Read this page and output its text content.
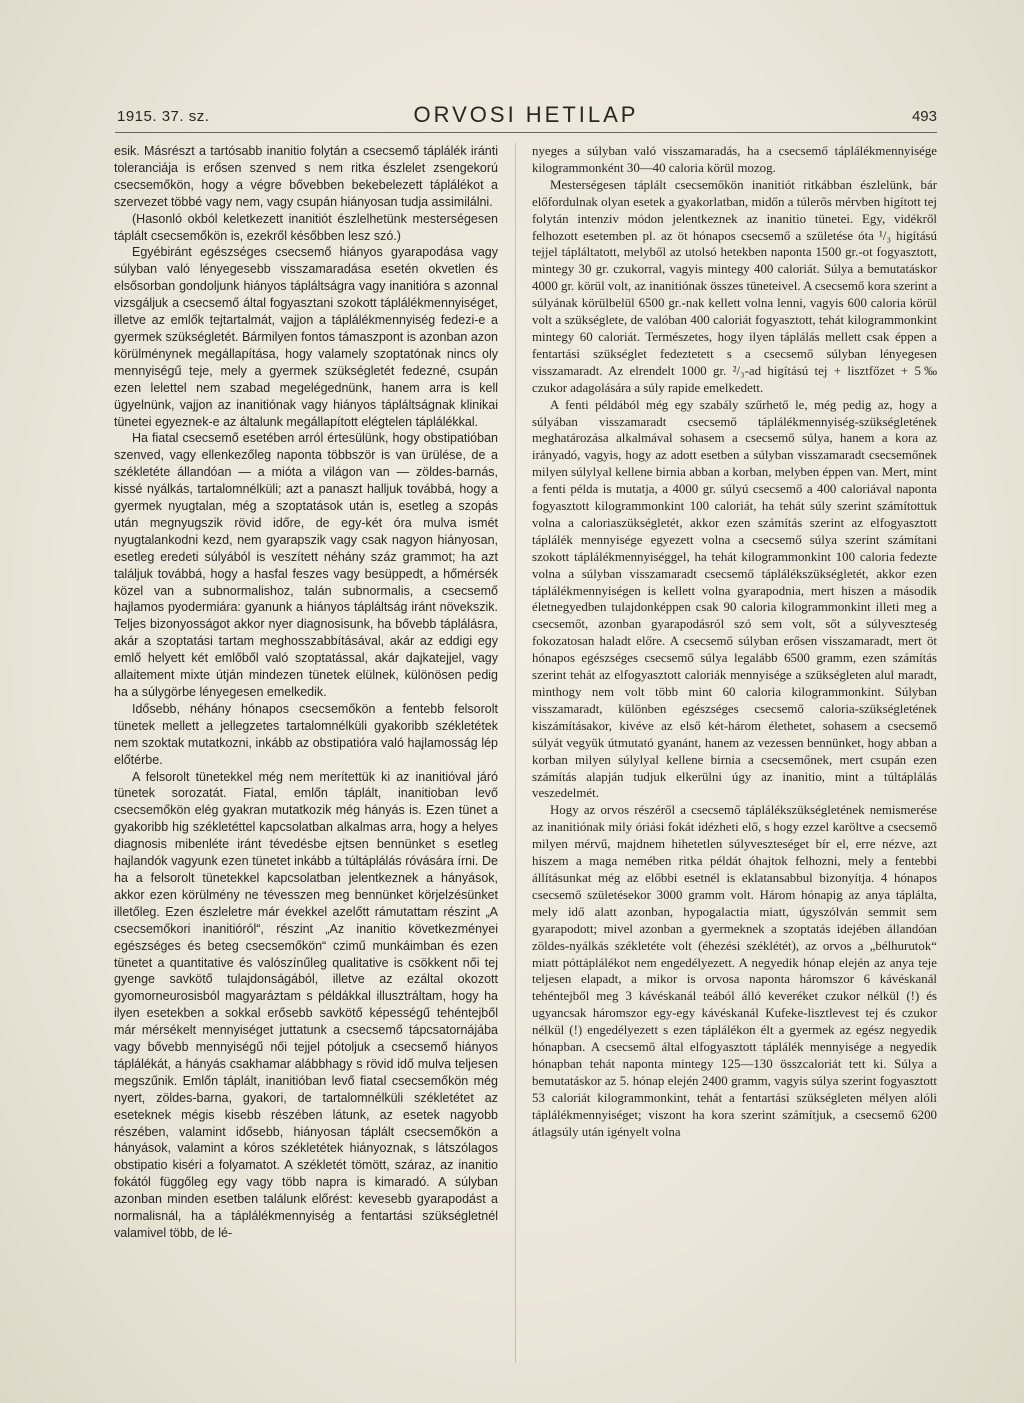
1915. 37. sz.	ORVOSI HETILAP	493

esik. Másrészt a tartósabb inanitio folytán a csecsemő táplálék iránti toleranciája is erősen szenved s nem ritka észlelet zsengekorú csecsemőkön, hogy a végre bővebben bekebelezett táplálékot a szervezet többé vagy nem, vagy csupán hiányosan tudja assimilálni.

(Hasonló okból keletkezett inanitiót észlelhetünk mesterségesen táplált csecsemőkön is, ezekről későbben lesz szó.)

Egyébiránt egészséges csecsemő hiányos gyarapodása vagy súlyban való lényegesebb visszamaradása esetén okvetlen és elsősorban gondoljunk hiányos tápláltságra vagy inanitióra s azonnal vizsgáljuk a csecsemő által fogyasztani szokott táplálékmennyiséget, illetve az emlők tejtartalmát, vajjon a táplálékmennyiség fedezi-e a gyermek szükségletét. Bármilyen fontos támaszpont is azonban azon körülménynek megállapítása, hogy valamely szoptatónak nincs oly mennyiségű teje, mely a gyermek szükségletét fedezné, csupán ezen lelettel nem szabad megelégednünk, hanem arra is kell ügyelnünk, vajjon az inanitiónak vagy hiányos tápláltságnak klinikai tünetei egyeznek-e az általunk megállapított elégtelen táplálékkal.

Ha fiatal csecsemő esetében arról értesülünk, hogy obstipatióban szenved, vagy ellenkezőleg naponta többször is van ürülése, de a székletéte állandóan — a mióta a világon van — zöldes-barnás, kissé nyálkás, tartalomnélküli; azt a panaszt halljuk továbbá, hogy a gyermek nyugtalan, még a szoptatások után is, esetleg a szopás után megnyugszik rövid időre, de egy-két óra mulva ismét nyugtalankodni kezd, nem gyarapszik vagy csak nagyon hiányosan, esetleg eredeti súlyából is veszített néhány száz grammot; ha azt találjuk továbbá, hogy a hasfal feszes vagy besüppedt, a hőmérsék közel van a subnormalishoz, talán subnormalis, a csecsemő hajlamos pyodermiára: gyanunk a hiányos tápláltság iránt növekszik. Teljes bizonyosságot akkor nyer diagnosisunk, ha bővebb táplálásra, akár a szoptatási tartam meghosszabbításával, akár az eddigi egy emlő helyett két emlőből való szoptatással, akár dajkatejjel, vagy allaitement mixte útján mindezen tünetek elülnek, különösen pedig ha a súlygörbe lényegesen emelkedik.

Idősebb, néhány hónapos csecsemőkön a fentebb felsorolt tünetek mellett a jellegzetes tartalomnélküli gyakoribb székletétek nem szoktak mutatkozni, inkább az obstipatióra való hajlamosság lép előtérbe.

A felsorolt tünetekkel még nem merítettük ki az inanitióval járó tünetek sorozatát. Fiatal, emlőn táplált, inanitioban levő csecsemőkön elég gyakran mutatkozik még hányás is. Ezen tünet a gyakoribb hig székletéttel kapcsolatban alkalmas arra, hogy a helyes diagnosis mibenléte iránt tévedésbe ejtsen bennünket s esetleg hajlandók vagyunk ezen tünetet inkább a túltáplálás róvására írni. De ha a felsorolt tünetekkel kapcsolatban jelentkeznek a hányások, akkor ezen körülmény ne tévesszen meg bennünket körjelzésünket illetőleg. Ezen észleletre már évekkel azelőtt rámutattam részint „A csecsemőkori inanitióról“, részint „Az inanitio következményei egészséges és beteg csecsemőkön“ czimű munkáimban és ezen tünetet a quantitative és valószínűleg qualitative is csökkent női tej gyenge savkötő tulajdonságából, illetve az ezáltal okozott gyomorneurosisból magyaráztam s példákkal illusztráltam, hogy ha ilyen esetekben a sokkal erősebb savkötő képességű tehéntejből már mérsékelt mennyiséget juttatunk a csecsemő tápcsatornájába vagy bővebb mennyiségű női tejjel pótoljuk a csecsemő hiányos táplálékát, a hányás csakhamar alábbhagy s rövid idő mulva teljesen megszűnik. Emlőn táplált, inanitióban levő fiatal csecsemőkön még nyert, zöldes-barna, gyakori, de tartalomnélküli székletétet az eseteknek mégis kisebb részében látunk, az esetek nagyobb részében, valamint idősebb, hiányosan táplált csecsemőkön a hányások, valamint a kóros székletétek hiányoznak, s látszólagos obstipatio kiséri a folyamatot. A székletét tömött, száraz, az inanitio fokától függőleg egy vagy több napra is kimaradó. A súlyban azonban minden esetben találunk előrést: kevesebb gyarapodást a normalisnál, ha a táplálékmennyiség a fentartási szükségletnél valamivel több, de lé-

nyeges a súlyban való visszamaradás, ha a csecsemő táplálékmennyisége kilogrammonként 30—40 caloria körül mozog.

Mesterségesen táplált csecsemőkön inanitiót ritkábban észlelünk, bár előfordulnak olyan esetek a gyakorlatban, midőn a túlerős mérvben higított tej folytán intenziv módon jelentkeznek az inanitio tünetei. Egy, vidékről felhozott esetemben pl. az öt hónapos csecsemő a születése óta ¹/₃ higítású tejjel tápláltatott, melyből az utolsó hetekben naponta 1500 gr.-ot fogyasztott, mintegy 30 gr. czukorral, vagyis mintegy 400 caloriát. Súlya a bemutatáskor 4000 gr. körül volt, az inanitiónak összes tüneteivel. A csecsemő kora szerint a súlyának körülbelül 6500 gr.-nak kellett volna lenni, vagyis 600 caloria körül volt a szükséglete, de valóban 400 caloriát fogyasztott, tehát kilogrammonkint mintegy 60 caloriát. Természetes, hogy ilyen táplálás mellett csak éppen a fentartási szükséglet fedeztetett s a csecsemő súlyban lényegesen visszamaradt. Az elrendelt 1000 gr. ²/₃-ad higítású tej + lisztfőzet + 5‰ czukor adagolására a súly rapide emelkedett.

A fenti példából még egy szabály szűrhető le, még pedig az, hogy a súlyában visszamaradt csecsemő táplálékmennyiség-szükségletének meghatározása alkalmával sohasem a csecsemő súlya, hanem a kora az irányadó, vagyis, hogy az adott esetben a súlyban visszamaradt csecsemőnek milyen súlylyal kellene birnia abban a korban, melyben éppen van. Mert, mint a fenti példa is mutatja, a 4000 gr. súlyú csecsemő a 400 caloriával naponta fogyasztott kilogrammonkint 100 caloriát, ha tehát súly szerint számítottuk volna a caloriaszükségletét, akkor ezen számítás szerint az elfogyasztott táplálék mennyisége egyezett volna a csecsemő súlya szerint számítani szokott táplálékmennyiséggel, ha tehát kilogrammonkint 100 caloria fedezte volna a súlyban visszamaradt csecsemő táplálékszükségletét, akkor ezen táplálékmennyiségen is kellett volna gyarapodnia, mert hiszen a második életnegyedben tulajdonképpen csak 90 caloria kilogrammonkint illeti meg a csecsemőt, azonban gyarapodásról szó sem volt, sőt a súlyveszteség fokozatosan haladt előre. A csecsemő súlyban erősen visszamaradt, mert öt hónapos egészséges csecsemő súlya legalább 6500 gramm, ezen számítás szerint tehát az elfogyasztott caloriák mennyisége a szükségleten alul maradt, minthogy nem volt több mint 60 caloria kilogrammonkint. Súlyban visszamaradt, különben egészséges csecsemő caloria-szükségletének kiszámításakor, kivéve az első két-három élethetet, sohasem a csecsemő súlyát vegyük útmutató gyanánt, hanem az vezessen bennünket, hogy abban a korban milyen súlylyal kellene birnia a csecsemőnek, mert csupán ezen számítás alapján tudjuk elkerülni úgy az inanitio, mint a túltáplálás veszedelmét.

Hogy az orvos részéről a csecsemő táplálékszükségletének nemismerése az inanitiónak mily óriási fokát idézheti elő, s hogy ezzel karöltve a csecsemő milyen mérvű, majdnem hihetetlen súlyveszteséget bír el, erre nézve, azt hiszem a maga nemében ritka példát óhajtok felhozni, mely a fentebbi állításunkat még az előbbi esetnél is eklatansabbul bizonyítja. 4 hónapos csecsemő születésekor 3000 gramm volt. Három hónapig az anya táplálta, mely idő alatt azonban, hypogalactia miatt, úgyszólván semmit sem gyarapodott; mivel azonban a gyermeknek a szoptatás idejében állandóan zöldes-nyálkás székletéte volt (éhezési széklétét), az orvos a „bélhurutok“ miatt póttáplálékot nem engedélyezett. A negyedik hónap elején az anya teje teljesen elapadt, a mikor is orvosa naponta háromszor 6 kávéskanál tehéntejből meg 3 kávéskanál teából álló keveréket czukor nélkül (!) és ugyancsak háromszor egy-egy kávéskanál Kufeke-lisztlevest tej és czukor nélkül (!) engedélyezett s ezen táplálékon élt a gyermek az egész negyedik hónapban. A csecsemő által elfogyasztott táplálék mennyisége a negyedik hónapban tehát naponta mintegy 125—130 összcaloriát tett ki. Súlya a bemutatáskor az 5. hónap elején 2400 gramm, vagyis súlya szerint fogyasztott 53 caloriát kilogrammonkint, tehát a fentartási szükségleten mélyen alóli táplálékmennyiséget; viszont ha kora szerint számítjuk, a csecsemő 6200 átlagsúly után igényelt volna
